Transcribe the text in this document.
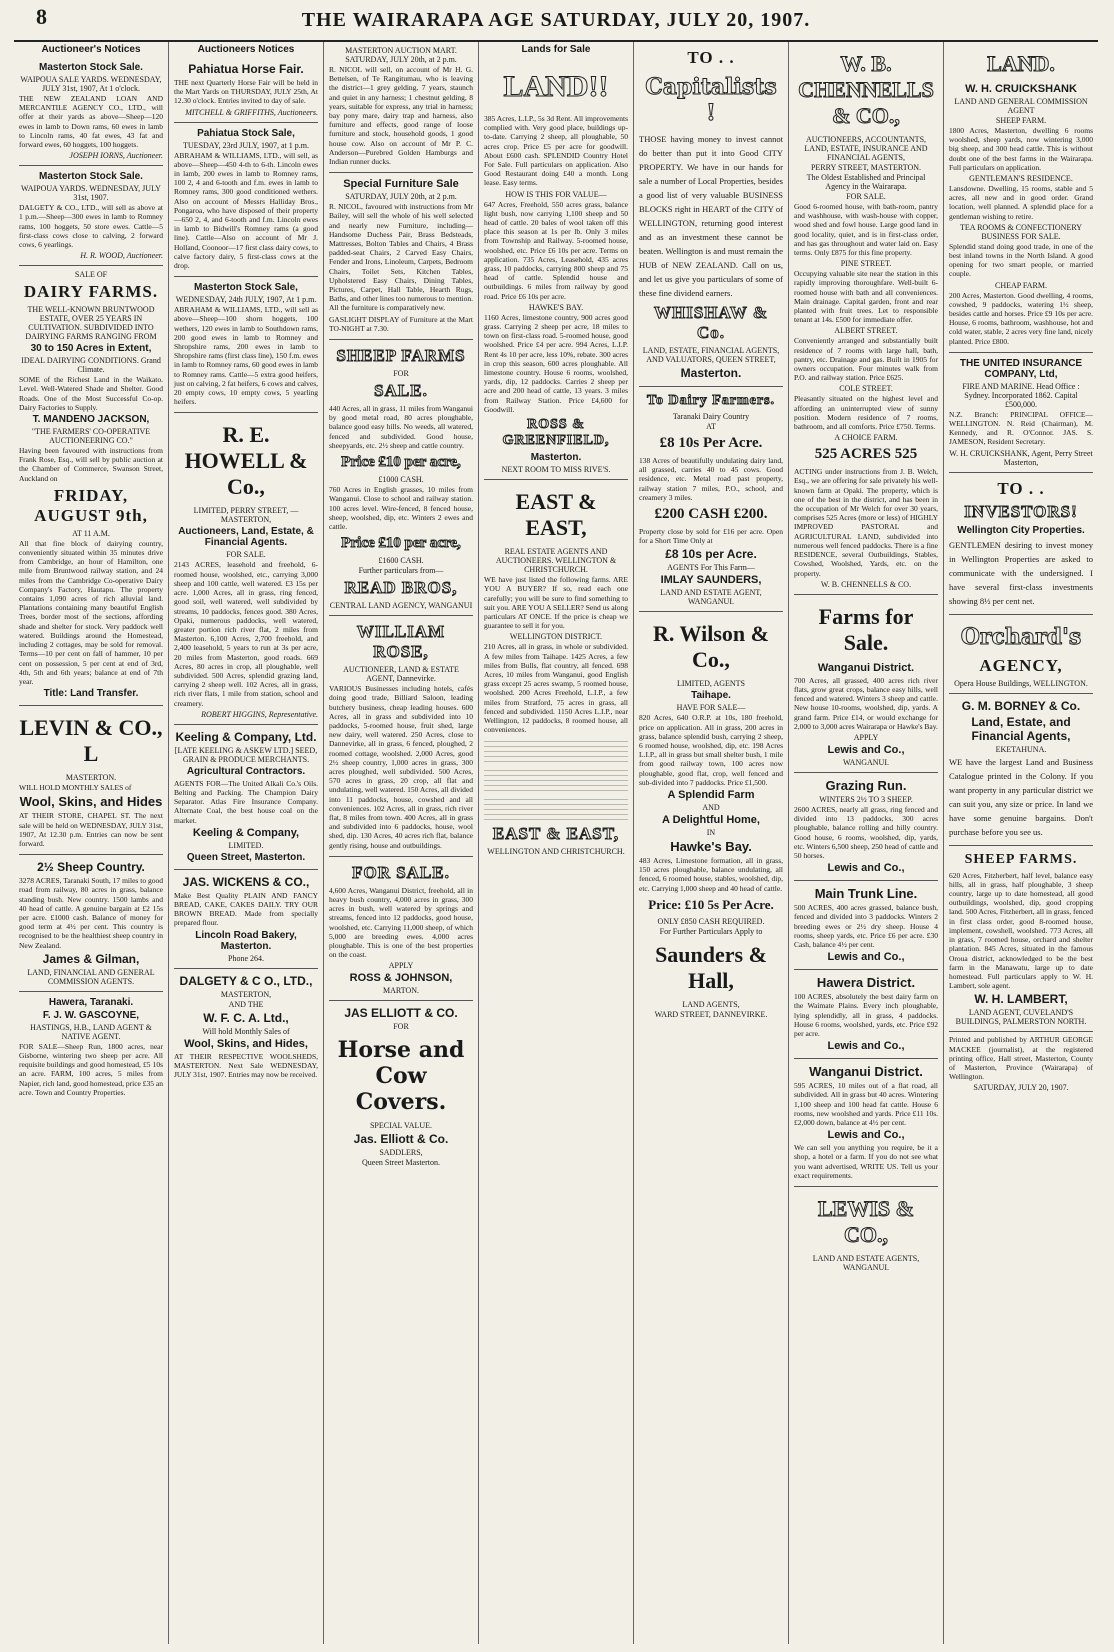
8	THE WAIRARAPA AGE SATURDAY, JULY 20, 1907.
Auctioneer's Notices
Masterton Stock Sale.
WAIPOUA SALE YARDS. WEDNESDAY, JULY 31st, 1907, At 1 o'clock.

THE NEW ZEALAND LOAN AND MERCANTILE AGENCY CO., LTD., will offer at their yards as above—Sheep—120 ewes in lamb to Down rams, 60 ewes in lamb to Lincoln rams, 40 fat ewes, 43 fat and forward ewes, 60 hoggets, 100 hoggets.

JOSEPH IORNS, Auctioneer.
Masterton Stock Sale.
WAIPOUA YARDS. WEDNESDAY, JULY 31st, 1907.

DALGETY & CO., LTD., will sell as above at 1 p.m.—Sheep—300 ewes in lamb to Romney rams, 100 hoggets, 50 store ewes. Cattle—5 first-class cows close to calving, 2 forward cows, 6 yearlings.

H. R. WOOD, Auctioneer.
SALE OF
DAIRY FARMS.
THE WELL-KNOWN BRUNTWOOD ESTATE, OVER 25 YEARS IN CULTIVATION. SUBDIVIDED INTO DAIRYING FARMS RANGING FROM
30 to 150 Acres in Extent,
IDEAL DAIRYING CONDITIONS. Grand Climate.

SOME of the Richest Land in the Waikato. Level. Well-Watered Shade and Shelter. Good Roads. One of the Most Successful Co-op. Dairy Factories to Supply.

T. MANDENO JACKSON,
"THE FARMERS' CO-OPERATIVE AUCTIONEERING CO."

Having been favoured with instructions from Frank Rose, Esq., will sell by public auction at the Chamber of Commerce, Swanson Street, Auckland on

FRIDAY, AUGUST 9th,
AT 11 A.M.

All that fine block of dairying country, conveniently situated within 35 minutes drive from Cambridge, an hour of Hamilton, one mile from Bruntwood railway station, and 24 miles from the Cambridge Co-operative Dairy Company's Factory, Hautapu. The property contains 1,090 acres of rich alluvial land. Plantations containing many beautiful English Trees, border most of the sections, affording shade and shelter for stock. Very paddock well watered. Buildings around the Homestead, including 2 cottages, may be sold for removal. Terms—10 per cent on fall of hammer, 10 per cent on possession, 5 per cent at end of 3rd, 4th, 5th and 6th years; balance at end of 7th year.

Title: Land Transfer.
LEVIN & CO., L
MASTERTON.

WILL HOLD MONTHLY SALES of

Wool, Skins, and Hides

AT THEIR STORE, CHAPEL ST. The next sale will be held on WEDNESDAY, JULY 31st, 1907, At 12.30 p.m. Entries can now be sent forward.

2½ Sheep Country.

3278 ACRES, Taranaki South, 17 miles to good road from railway, 80 acres in grass, balance standing bush. New country. 1500 lambs and 40 head of cattle. A genuine bargain at £2 15s per acre. £1000 cash. Balance of money for good term at 4½ per cent. This country is recognised to be the healthiest sheep country in New Zealand.

James & Gilman,
LAND, FINANCIAL AND GENERAL COMMISSION AGENTS.
Hawera, Taranaki.
F. J. W. GASCOYNE,
HASTINGS, H.B., LAND AGENT & NATIVE AGENT.

FOR SALE—Sheep Run, 1800 acres, near Gisborne, wintering two sheep per acre. All requisite buildings and good homestead, £5 10s an acre. FARM, 100 acres, 5 miles from Napier, rich land, good homestead, price £35 an acre. Town and Country Properties.

Auctioneers Notices
Pahiatua Horse Fair.

THE next Quarterly Horse Fair will be held in the Mart Yards on THURSDAY, JULY 25th, At 12.30 o'clock. Entries invited to day of sale.

MITCHELL & GRIFFITHS, Auctioneers.
Pahiatua Stock Sale,
TUESDAY, 23rd JULY, 1907, at 1 p.m.

ABRAHAM & WILLIAMS, LTD., will sell, as above—Sheep—450 4-th to 6-th. Lincoln ewes in lamb, 200 ewes in lamb to Romney rams, 100 2, 4 and 6-tooth and f.m. ewes in lamb to Romney rams, 300 good conditioned wethers. Also on account of Messrs Halliday Bros., Pongaroa, who have disposed of their property—650 2, 4, and 6-tooth and f.m. Lincoln ewes in lamb to Bidwill's Romney rams (a good line). Cattle—Also on account of Mr J. Holland, Coonoor—17 first class dairy cows, to calve factory dairy, 5 first-class cows at the drop.

Masterton Stock Sale,
WEDNESDAY, 24th JULY, 1907, At 1 p.m.

ABRAHAM & WILLIAMS, LTD., will sell as above—Sheep—100 shorn hoggets, 100 wethers, 120 ewes in lamb to Southdown rams, 200 good ewes in lamb to Romney and Shropshire rams, 200 ewes in lamb to Shropshire rams (first class line), 150 f.m. ewes in lamb to Romney rams, 60 good ewes in lamb to Romney rams. Cattle—5 extra good heifers, just on calving, 2 fat heifers, 6 cows and calves, 20 empty cows, 10 empty cows, 5 yearling heifers.

R. E. HOWELL & Co.,
LIMITED, PERRY STREET, — MASTERTON,
Auctioneers, Land, Estate, & Financial Agents.
FOR SALE.

2143 ACRES, leasehold and freehold, 6-roomed house, woolshed, etc., carrying 3,000 sheep and 100 cattle, well watered. £3 15s per acre. 1,000 Acres, all in grass, ring fenced, good soil, well watered, well subdivided by streams, 10 paddocks, fences good. 380 Acres, Opaki, numerous paddocks, well watered, greater portion rich river flat, 2 miles from Masterton. 6,100 Acres, 2,700 freehold, and 2,400 leasehold, 5 years to run at 3s per acre, 20 miles from Masterton, good roads. 669 Acres, 80 acres in crop, all ploughable, well subdivided. 500 Acres, splendid grazing land, carrying 2 sheep well. 102 Acres, all in grass, rich river flats, 1 mile from station, school and creamery.

ROBERT HIGGINS, Representative.
Keeling & Company, Ltd.
[LATE KEELING & ASKEW LTD.] SEED, GRAIN & PRODUCE MERCHANTS.
Agricultural Contractors.

AGENTS FOR—The United Alkali Co.'s Oils. Belting and Packing. The Champion Dairy Separator. Atlas Fire Insurance Company. Alternate Coal, the best house coal on the market.

Keeling & Company,
LIMITED.
Queen Street, Masterton.
JAS. WICKENS & CO.,

Make Best Quality PLAIN AND FANCY BREAD, CAKE, CAKES DAILY. TRY OUR BROWN BREAD. Made from specially prepared flour.

Lincoln Road Bakery, Masterton.
Phone 264.
DALGETY & C O., LTD.,
MASTERTON,
AND THE
W. F. C. A. Ltd.,
Will hold Monthly Sales of
Wool, Skins, and Hides,

AT THEIR RESPECTIVE WOOLSHEDS, MASTERTON. Next Sale WEDNESDAY, JULY 31st, 1907. Entries may now be received.

MASTERTON AUCTION MART. SATURDAY, JULY 20th, at 2 p.m.

R. NICOL will sell, on account of Mr H. G. Bettelsen, of Te Rangitumau, who is leaving the district—1 grey gelding, 7 years, staunch and quiet in any harness; 1 chestnut gelding, 8 years, suitable for express, any trial in harness; bay pony mare, dairy trap and harness, also furniture and effects, good range of loose furniture and stock, household goods, 1 good house cow. Also on account of Mr P. C. Anderson—Purebred Golden Hamburgs and Indian runner ducks.

Special Furniture Sale
SATURDAY, JULY 20th, at 2 p.m.

R. NICOL, favoured with instructions from Mr Bailey, will sell the whole of his well selected and nearly new Furniture, including—Handsome Duchess Pair, Brass Bedsteads, Mattresses, Bolton Tables and Chairs, 4 Brass padded-seat Chairs, 2 Carved Easy Chairs, Fender and Irons, Linoleum, Carpets, Bedroom Chairs, Toilet Sets, Kitchen Tables, Upholstered Easy Chairs, Dining Tables, Pictures, Carpet, Hall Table, Hearth Rugs, Baths, and other lines too numerous to mention. All the furniture is comparatively new.

GASLIGHT DISPLAY of Furniture at the Mart TO-NIGHT at 7.30.

SHEEP FARMS
FOR
SALE.

440 Acres, all in grass, 11 miles from Wanganui by good metal road, 80 acres ploughable, balance good easy hills. No weeds, all watered, fenced and subdivided. Good house, sheepyards, etc. 2½ sheep and cattle country.

Price £10 per acre,
£1000 CASH.

760 Acres in English grasses, 10 miles from Wanganui. Close to school and railway station. 100 acres level. Wire-fenced, 8 fenced house, sheep, woolshed, dip, etc. Winters 2 ewes and cattle.

Price £10 per acre,
£1600 CASH.
Further particulars from—
READ BROS,
CENTRAL LAND AGENCY, WANGANUI
WILLIAM ROSE,
AUCTIONEER, LAND & ESTATE AGENT, Dannevirke.

VARIOUS Businesses including hotels, cafés doing good trade, Billiard Saloon, leading butchery business, cheap leading houses. 600 Acres, all in grass and subdivided into 10 paddocks, 5-roomed house, fruit shed, large new dairy, well watered. 250 Acres, close to Dannevirke, all in grass, 6 fenced, ploughed, 2 roomed cottage, woolshed. 2,000 Acres, good 2½ sheep country, 1,000 acres in grass, 300 acres ploughed, well subdivided. 500 Acres, 570 acres in grass, 20 crop, all flat and undulating, well watered. 150 Acres, all divided into 11 paddocks, house, cowshed and all conveniences. 102 Acres, all in grass, rich river flat, 8 miles from town. 400 Acres, all in grass and subdivided into 6 paddocks, house, wool shed, dip. 130 Acres, 40 acres rich flat, balance gently rising, house and outbuildings.

FOR SALE.

4,600 Acres, Wanganui District, freehold, all in heavy bush country, 4,000 acres in grass, 300 acres in bush, well watered by springs and streams, fenced into 12 paddocks, good house, woolshed, etc. Carrying 11,000 sheep, of which 5,000 are breeding ewes. 4,000 acres ploughable. This is one of the best properties on the coast.

APPLY
ROSS & JOHNSON,
MARTON.
JAS ELLIOTT & CO.
FOR
Horse and Cow Covers.
SPECIAL VALUE.
Jas. Elliott & Co.
SADDLERS,
Queen Street Masterton.
Lands for Sale
LAND!!

385 Acres, L.I.P., 5s 3d Rent. All improvements complied with. Very good place, buildings up-to-date. Carrying 2 sheep, all ploughable, 50 acres crop. Price £5 per acre for goodwill. About £600 cash. SPLENDID Country Hotel For Sale. Full particulars on application. Also Good Restaurant doing £40 a month. Long lease. Easy terms.

HOW IS THIS FOR VALUE—

647 Acres, Freehold, 550 acres grass, balance light bush, now carrying 1,100 sheep and 50 head of cattle. 20 bales of wool taken off this place this season at 1s per lb. Only 3 miles from Township and Railway. 5-roomed house, woolshed, etc. Price £6 10s per acre. Terms on application. 735 Acres, Leasehold, 435 acres grass, 10 paddocks, carrying 800 sheep and 75 head of cattle. Splendid house and outbuildings. 6 miles from railway by good road. Price £6 10s per acre.

HAWKE'S BAY.

1160 Acres, limestone country, 900 acres good grass. Carrying 2 sheep per acre, 18 miles to town on first-class road. 5-roomed house, good woolshed. Price £4 per acre. 994 Acres, L.I.P. Rent 4s 10 per acre, less 10%, rebate. 300 acres in crop this season, 600 acres ploughable. All limestone country. House 6 rooms, woolshed, yards, dip, 12 paddocks. Carries 2 sheep per acre and 200 head of cattle, 13 years. 3 miles from Railway Station. Price £4,600 for Goodwill.

ROSS & GREENFIELD,
Masterton.
NEXT ROOM TO MISS RIVE'S.
EAST & EAST,
REAL ESTATE AGENTS AND AUCTIONEERS. WELLINGTON & CHRISTCHURCH.

WE have just listed the following farms. ARE YOU A BUYER? If so, read each one carefully; you will be sure to find something to suit you. ARE YOU A SELLER? Send us along particulars AT ONCE. If the price is cheap we guarantee to sell it for you.

WELLINGTON DISTRICT.

210 Acres, all in grass, in whole or subdivided. A few miles from Taihape. 1425 Acres, a few miles from Bulls, flat country, all fenced. 698 Acres, 10 miles from Wanganui, good English grass except 25 acres swamp, 5 roomed house, woolshed. 200 Acres Freehold, L.I.P., a few miles from Stratford, 75 acres in grass, all fenced and subdivided. 1150 Acres L.I.P., near Wellington, 12 paddocks, 8 roomed house, all conveniences.

EAST & EAST,
WELLINGTON AND CHRISTCHURCH.
TO . .
Capitalists !

THOSE having money to invest cannot do better than put it into Good CITY PROPERTY. We have in our hands for sale a number of Local Properties, besides a good list of very valuable BUSINESS BLOCKS right in HEART of the CITY of WELLINGTON, returning good interest and as an investment these cannot be beaten. Wellington is and must remain the HUB of NEW ZEALAND. Call on us, and let us give you particulars of some of these fine dividend earners.

WHISHAW & Co.
LAND, ESTATE, FINANCIAL AGENTS, AND VALUATORS, QUEEN STREET,
Masterton.
To Dairy Farmers.
Taranaki Dairy Country
AT
£8 10s Per Acre.

138 Acres of beautifully undulating dairy land, all grassed, carries 40 to 45 cows. Good residence, etc. Metal road past property, railway station 7 miles, P.O., school, and creamery 3 miles.

£200 CASH £200.

Property close by sold for £16 per acre. Open for a Short Time Only at

£8 10s per Acre.
AGENTS For This Farm—
IMLAY SAUNDERS,
LAND AND ESTATE AGENT, WANGANUI.
R. Wilson & Co.,
LIMITED, AGENTS
Taihape.
HAVE FOR SALE—

820 Acres, 640 O.R.P. at 10s, 180 freehold, price on application. All in grass, 200 acres in grass, balance splendid bush, carrying 2 sheep, 6 roomed house, woolshed, dip, etc. 198 Acres L.I.P., all in grass but small shelter bush, 1 mile from good railway town, 100 acres now ploughable, good flat, crop, well fenced and sub-divided into 7 paddocks. Price £1,500.

A Splendid Farm
AND
A Delightful Home,
IN
Hawke's Bay.

483 Acres, Limestone formation, all in grass, 150 acres ploughable, balance undulating, all fenced, 6 roomed house, stables, woolshed, dip, etc. Carrying 1,000 sheep and 40 head of cattle.

Price: £10 5s Per Acre.
ONLY £850 CASH REQUIRED.
For Further Particulars Apply to
Saunders & Hall,
LAND AGENTS,
WARD STREET, DANNEVIRKE.
W. B. CHENNELLS & CO.,
AUCTIONEERS, ACCOUNTANTS, LAND, ESTATE, INSURANCE AND FINANCIAL AGENTS,
PERRY STREET, MASTERTON.
The Oldest Established and Principal Agency in the Wairarapa.
FOR SALE.

Good 6-roomed house, with bath-room, pantry and washhouse, with wash-house with copper, wood shed and fowl house. Large good land in good locality, quiet, and is in first-class order, and has gas throughout and water laid on. Easy terms. Only £875 for this fine property.

PINE STREET.

Occupying valuable site near the station in this rapidly improving thoroughfare. Well-built 6-roomed house with bath and all conveniences. Main drainage. Capital garden, front and rear planted with fruit trees. Let to responsible tenant at 14s. £500 for immediate offer.

ALBERT STREET.

Conveniently arranged and substantially built residence of 7 rooms with large hall, bath, pantry, etc. Drainage and gas. Built in 1905 for owners occupation. Four minutes walk from P.O. and railway station. Price £625.

COLE STREET.

Pleasantly situated on the highest level and affording an uninterrupted view of sunny position. Modern residence of 7 rooms, bathroom, and all comforts. Price £750. Terms.

A CHOICE FARM.
525 ACRES 525

ACTING under instructions from J. B. Welch, Esq., we are offering for sale privately his well-known farm at Opaki. The property, which is one of the best in the district, and has been in the occupation of Mr Welch for over 30 years, comprises 525 Acres (more or less) of HIGHLY IMPROVED PASTORAL and AGRICULTURAL LAND, subdivided into numerous well fenced paddocks. There is a fine RESIDENCE, several Outbuildings, Stables, Cowshed, Woolshed, Yards, etc. on the property.

W. B. CHENNELLS & CO.
Farms for Sale.
Wanganui District.

700 Acres, all grassed, 400 acres rich river flats, grow great crops, balance easy hills, well fenced and watered. Winters 3 sheep and cattle. New house 10-rooms, woolshed, dip, yards. A grand farm. Price £14, or would exchange for 2,000 to 3,000 acres Wairarapa or Hawke's Bay.

APPLY
Lewis and Co.,
WANGANUI.
Grazing Run.
WINTERS 2½ TO 3 SHEEP.

2600 ACRES, nearly all grass, ring fenced and divided into 13 paddocks, 300 acres ploughable, balance rolling and hilly country. Good house, 6 rooms, woolshed, dip, yards, etc. Winters 6,500 sheep, 250 head of cattle and 50 horses.

Lewis and Co.,
Main Trunk Line.

500 ACRES, 400 acres grassed, balance bush, fenced and divided into 3 paddocks. Winters 2 breeding ewes or 2½ dry sheep. House 4 rooms, sheep yards, etc. Price £6 per acre. £30 Cash, balance 4½ per cent.

Lewis and Co.,
Hawera District.

100 ACRES, absolutely the best dairy farm on the Waimate Plains. Every inch ploughable, lying splendidly, all in grass, 4 paddocks. House 6 rooms, woolshed, yards, etc. Price £92 per acre.

Lewis and Co.,
Wanganui District.

595 ACRES, 10 miles out of a flat road, all subdivided. All in grass but 40 acres. Wintering 1,100 sheep and 100 head fat cattle. House 6 rooms, new woolshed and yards. Price £11 10s. £2,000 down, balance at 4½ per cent.

Lewis and Co.,

We can sell you anything you require, be it a shop, a hotel or a farm. If you do not see what you want advertised, WRITE US. Tell us your exact requirements.

LEWIS & CO.,
LAND AND ESTATE AGENTS, WANGANUI.
LAND.
W. H. CRUICKSHANK
LAND AND GENERAL COMMISSION AGENT
SHEEP FARM.

1800 Acres, Masterton, dwelling 6 rooms woolshed, sheep yards, now wintering 3,000 big sheep, and 300 head cattle. This is without doubt one of the best farms in the Wairarapa. Full particulars on application.

GENTLEMAN'S RESIDENCE.

Lansdowne. Dwelling, 15 rooms, stable and 5 acres, all new and in good order. Grand location, well planned. A splendid place for a gentleman wishing to retire.

TEA ROOMS & CONFECTIONERY BUSINESS FOR SALE.

Splendid stand doing good trade, in one of the best inland towns in the North Island. A good opening for two smart people, or married couple.

CHEAP FARM.

200 Acres, Masterton. Good dwelling, 4 rooms, cowshed, 9 paddocks, watering 1½ sheep, besides cattle and horses. Price £9 10s per acre. House, 6 rooms, bathroom, washhouse, hot and cold water, stable, 2 acres very fine land, nicely planted. Price £800.

THE UNITED INSURANCE COMPANY, Ltd,
FIRE AND MARINE. Head Office : Sydney. Incorporated 1862. Capital £500,000.

N.Z. Branch: PRINCIPAL OFFICE—WELLINGTON. N. Reid (Chairman), M. Kennedy, and R. O'Connor. JAS. S. JAMESON, Resident Secretary.

W. H. CRUICKSHANK, Agent, Perry Street Masterton,
TO . .
INVESTORS!
Wellington City Properties.

GENTLEMEN desiring to invest money in Wellington Properties are asked to communicate with the undersigned. I have several first-class investments showing 8½ per cent net.

Orchard's
AGENCY,
Opera House Buildings, WELLINGTON.
G. M. BORNEY & Co.
Land, Estate, and Financial Agents,
EKETAHUNA.

WE have the largest Land and Business Catalogue printed in the Colony. If you want property in any particular district we can suit you, any size or price. In land we have some genuine bargains. Don't purchase before you see us.

SHEEP FARMS.

620 Acres, Fitzherbert, half level, balance easy hills, all in grass, half ploughable, 3 sheep country, large up to date homestead, all good outbuildings, woolshed, dip, good cropping land. 500 Acres, Fitzherbert, all in grass, fenced in first class order, good 8-roomed house, implement, cowshell, woolshed. 773 Acres, all in grass, 7 roomed house, orchard and shelter plantation. 845 Acres, situated in the famous Oroua district, acknowledged to be the best farm in the Manawatu, large up to date homestead. Full particulars apply to W. H. Lambert, sole agent.

W. H. LAMBERT,
LAND AGENT, CUVELAND'S BUILDINGS, PALMERSTON NORTH.

Printed and published by ARTHUR GEORGE MACKEE (journalist), at the registered printing office, Hall street, Masterton, County of Masterton, Province (Wairarapa) of Wellington.

SATURDAY, JULY 20, 1907.
